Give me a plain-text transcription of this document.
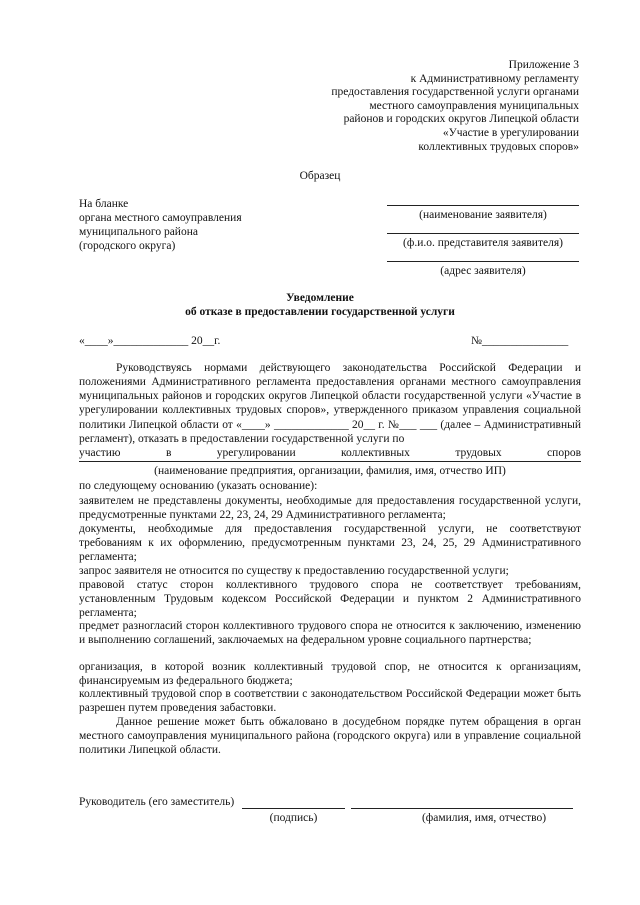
Приложение 3
к Административному регламенту
предоставления государственной услуги органами
местного самоуправления муниципальных
районов и городских округов Липецкой области
«Участие в урегулировании
коллективных трудовых споров»
Образец
На бланке
органа местного самоуправления
муниципального района
(городского округа)
(наименование заявителя)
(ф.и.о. представителя заявителя)
(адрес заявителя)
Уведомление
об отказе в предоставлении государственной услуги
«____»_____________ 20__г.	№_______________
Руководствуясь нормами действующего законодательства Российской Федерации и положениями Административного регламента предоставления органами местного самоуправления муниципальных районов и городских округов Липецкой области государственной услуги «Участие в урегулировании коллективных трудовых споров», утвержденного приказом управления социальной политики Липецкой области от «____» _____________ 20__ г. №___ ___ (далее – Административный регламент), отказать в предоставлении государственной услуги по
участию в урегулировании коллективных трудовых споров
(наименование предприятия, организации, фамилия, имя, отчество ИП)
по следующему основанию (указать основание):
заявителем не представлены документы, необходимые для предоставления государственной услуги, предусмотренные пунктами 22, 23, 24, 29 Административного регламента;
документы, необходимые для предоставления государственной услуги, не соответствуют требованиям к их оформлению, предусмотренным пунктами 23, 24, 25, 29 Административного регламента;
запрос заявителя не относится по существу к предоставлению государственной услуги;
правовой статус сторон коллективного трудового спора не соответствует требованиям, установленным Трудовым кодексом Российской Федерации и пунктом 2 Административного регламента;
предмет разногласий сторон коллективного трудового спора не относится к заключению, изменению и выполнению соглашений, заключаемых на федеральном уровне социального партнерства;
организация, в которой возник коллективный трудовой спор, не относится к организациям, финансируемым из федерального бюджета;
коллективный трудовой спор в соответствии с законодательством Российской Федерации может быть разрешен путем проведения забастовки.
Данное решение может быть обжаловано в досудебном порядке путем обращения в орган местного самоуправления муниципального района (городского округа) или в управление социальной политики Липецкой области.
Руководитель (его заместитель)
(подпись)	(фамилия, имя, отчество)
